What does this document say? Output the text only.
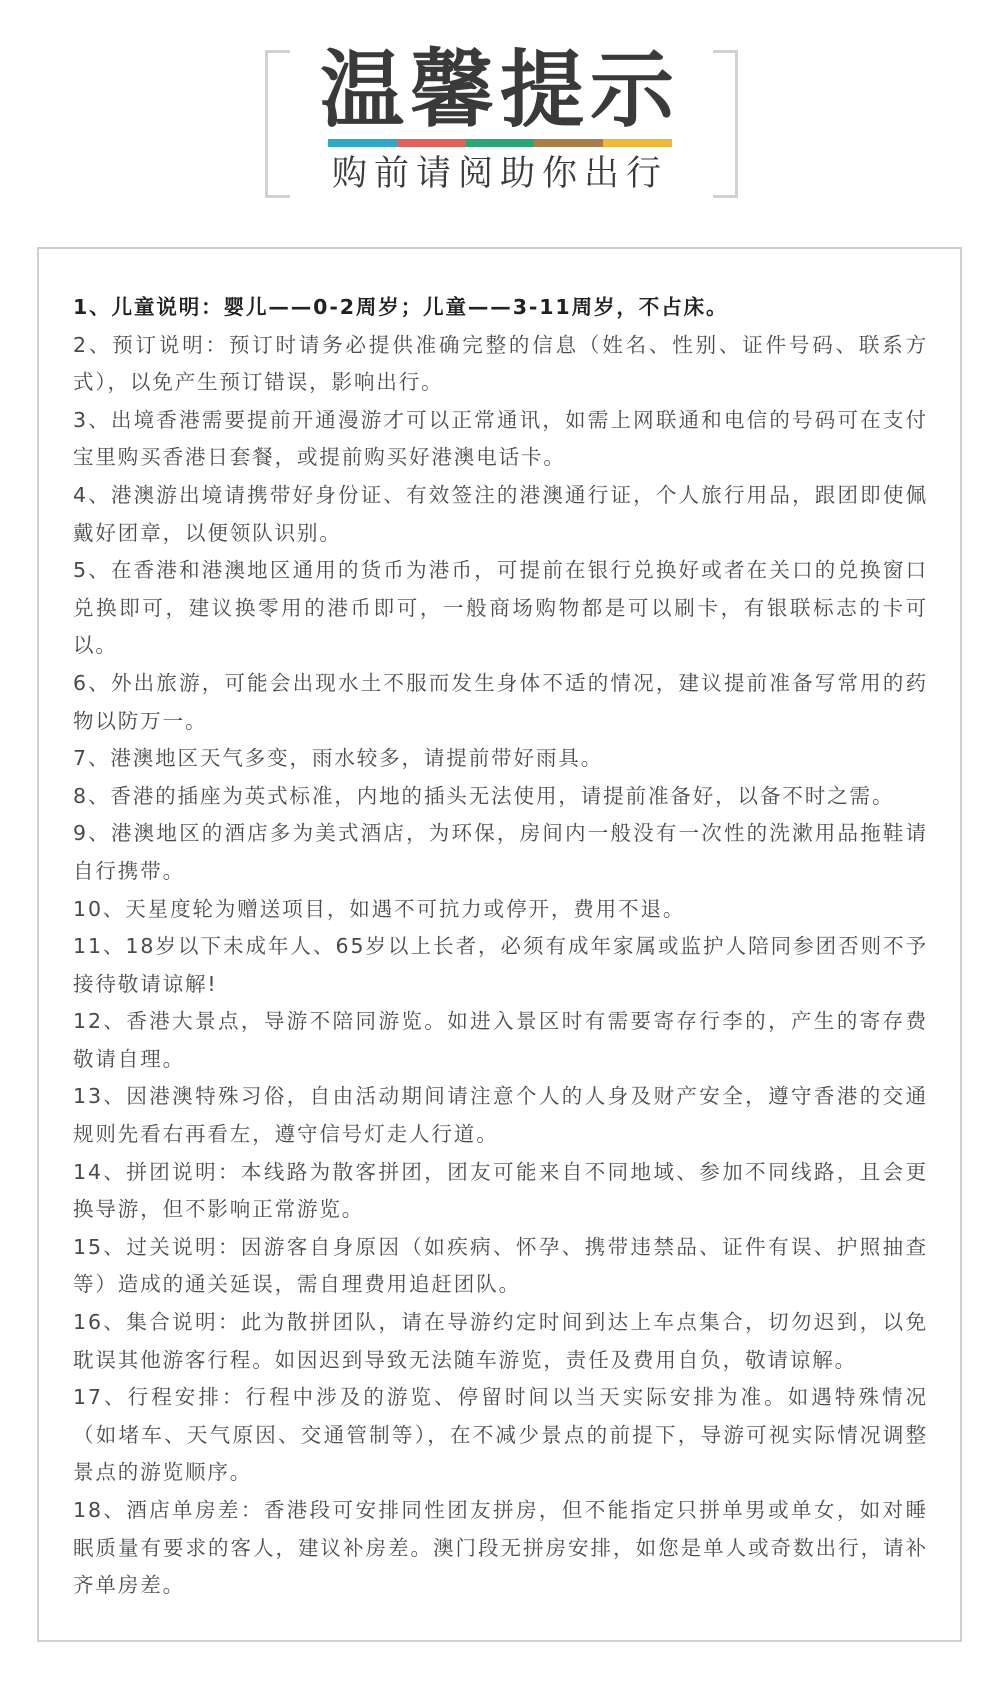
温馨提示
购前请阅助你出行

1、儿童说明：婴儿——0-2周岁；儿童——3-11周岁，不占床。

2、预订说明：预订时请务必提供准确完整的信息（姓名、性别、证件号码、联系方式），以免产生预订错误，影响出行。

3、出境香港需要提前开通漫游才可以正常通讯，如需上网联通和电信的号码可在支付宝里购买香港日套餐，或提前购买好港澳电话卡。

4、港澳游出境请携带好身份证、有效签注的港澳通行证，个人旅行用品，跟团即使佩戴好团章，以便领队识别。

5、在香港和港澳地区通用的货币为港币，可提前在银行兑换好或者在关口的兑换窗口兑换即可，建议换零用的港币即可，一般商场购物都是可以刷卡，有银联标志的卡可以。

6、外出旅游，可能会出现水土不服而发生身体不适的情况，建议提前准备写常用的药物以防万一。

7、港澳地区天气多变，雨水较多，请提前带好雨具。

8、香港的插座为英式标准，内地的插头无法使用，请提前准备好，以备不时之需。

9、港澳地区的酒店多为美式酒店，为环保，房间内一般没有一次性的洗漱用品拖鞋请自行携带。

10、天星度轮为赠送项目，如遇不可抗力或停开，费用不退。

11、18岁以下未成年人、65岁以上长者，必须有成年家属或监护人陪同参团否则不予接待敬请谅解!

12、香港大景点，导游不陪同游览。如进入景区时有需要寄存行李的，产生的寄存费敬请自理。

13、因港澳特殊习俗，自由活动期间请注意个人的人身及财产安全，遵守香港的交通规则先看右再看左，遵守信号灯走人行道。

14、拼团说明：本线路为散客拼团，团友可能来自不同地域、参加不同线路，且会更换导游，但不影响正常游览。

15、过关说明：因游客自身原因（如疾病、怀孕、携带违禁品、证件有误、护照抽查等）造成的通关延误，需自理费用追赶团队。

16、集合说明：此为散拼团队，请在导游约定时间到达上车点集合，切勿迟到，以免耽误其他游客行程。如因迟到导致无法随车游览，责任及费用自负，敬请谅解。

17、行程安排：行程中涉及的游览、停留时间以当天实际安排为准。如遇特殊情况（如堵车、天气原因、交通管制等），在不减少景点的前提下，导游可视实际情况调整景点的游览顺序。

18、酒店单房差：香港段可安排同性团友拼房，但不能指定只拼单男或单女，如对睡眠质量有要求的客人，建议补房差。澳门段无拼房安排，如您是单人或奇数出行，请补齐单房差。
